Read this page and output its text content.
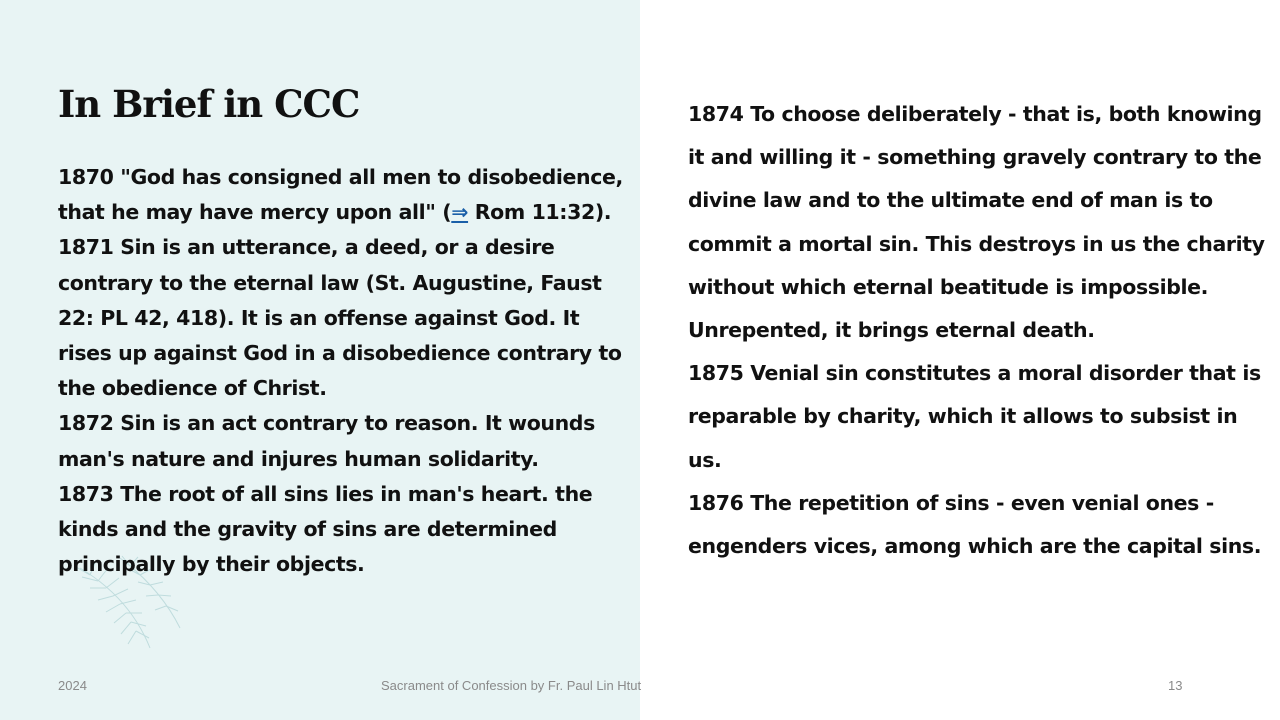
In Brief in CCC

1870 "God has consigned all men to disobedience, that he may have mercy upon all" (⇒ Rom 11:32).

1871 Sin is an utterance, a deed, or a desire contrary to the eternal law (St. Augustine, Faust 22: PL 42, 418). It is an offense against God. It rises up against God in a disobedience contrary to the obedience of Christ.

1872 Sin is an act contrary to reason. It wounds man's nature and injures human solidarity.

1873 The root of all sins lies in man's heart. the kinds and the gravity of sins are determined principally by their objects.

1874 To choose deliberately - that is, both knowing it and willing it - something gravely contrary to the divine law and to the ultimate end of man is to commit a mortal sin. This destroys in us the charity without which eternal beatitude is impossible. Unrepented, it brings eternal death.

1875 Venial sin constitutes a moral disorder that is reparable by charity, which it allows to subsist in us.

1876 The repetition of sins - even venial ones - engenders vices, among which are the capital sins.

2024	Sacrament of Confession by Fr. Paul Lin Htut	13
